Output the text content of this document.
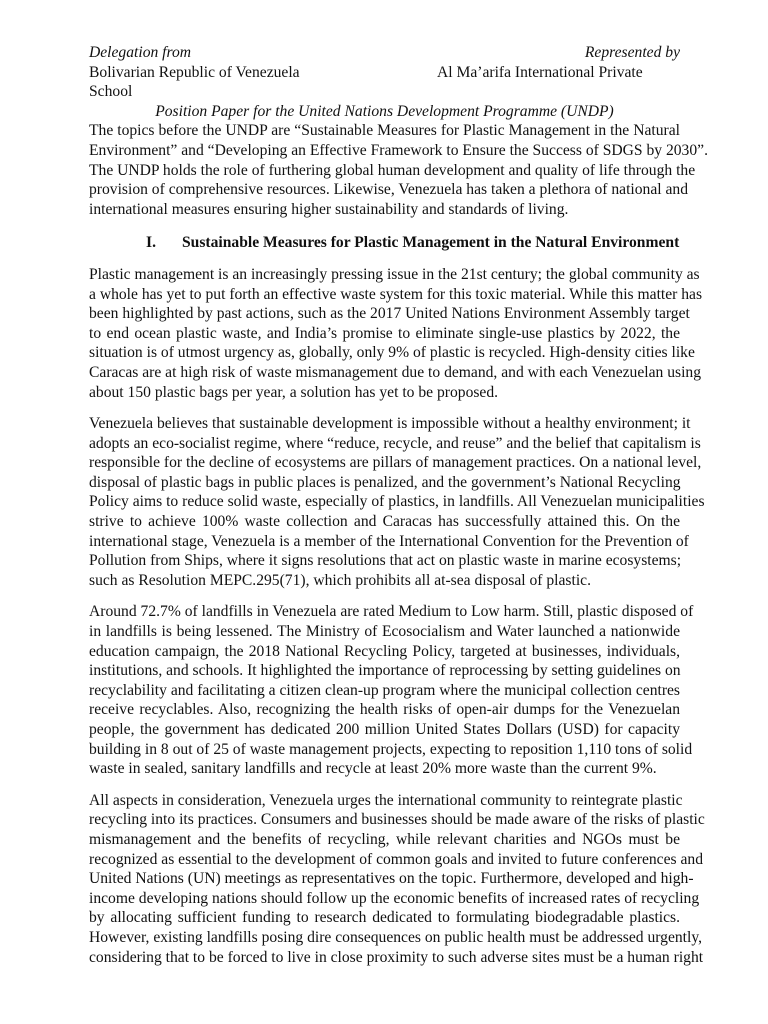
Delegation from	Represented by
Bolivarian Republic of Venezuela	Al Ma’arifa International Private
School
Position Paper for the United Nations Development Programme (UNDP)
The topics before the UNDP are “Sustainable Measures for Plastic Management in the Natural
Environment” and “Developing an Effective Framework to Ensure the Success of SDGS by 2030”.
The UNDP holds the role of furthering global human development and quality of life through the
provision of comprehensive resources. Likewise, Venezuela has taken a plethora of national and
international measures ensuring higher sustainability and standards of living.
I. Sustainable Measures for Plastic Management in the Natural Environment
Plastic management is an increasingly pressing issue in the 21st century; the global community as
a whole has yet to put forth an effective waste system for this toxic material. While this matter has
been highlighted by past actions, such as the 2017 United Nations Environment Assembly target
to end ocean plastic waste, and India’s promise to eliminate single-use plastics by 2022, the
situation is of utmost urgency as, globally, only 9% of plastic is recycled. High-density cities like
Caracas are at high risk of waste mismanagement due to demand, and with each Venezuelan using
about 150 plastic bags per year, a solution has yet to be proposed.
Venezuela believes that sustainable development is impossible without a healthy environment; it
adopts an eco-socialist regime, where “reduce, recycle, and reuse” and the belief that capitalism is
responsible for the decline of ecosystems are pillars of management practices. On a national level,
disposal of plastic bags in public places is penalized, and the government’s National Recycling
Policy aims to reduce solid waste, especially of plastics, in landfills. All Venezuelan municipalities
strive to achieve 100% waste collection and Caracas has successfully attained this. On the
international stage, Venezuela is a member of the International Convention for the Prevention of
Pollution from Ships, where it signs resolutions that act on plastic waste in marine ecosystems;
such as Resolution MEPC.295(71), which prohibits all at-sea disposal of plastic.
Around 72.7% of landfills in Venezuela are rated Medium to Low harm. Still, plastic disposed of
in landfills is being lessened. The Ministry of Ecosocialism and Water launched a nationwide
education campaign, the 2018 National Recycling Policy, targeted at businesses, individuals,
institutions, and schools. It highlighted the importance of reprocessing by setting guidelines on
recyclability and facilitating a citizen clean-up program where the municipal collection centres
receive recyclables. Also, recognizing the health risks of open-air dumps for the Venezuelan
people, the government has dedicated 200 million United States Dollars (USD) for capacity
building in 8 out of 25 of waste management projects, expecting to reposition 1,110 tons of solid
waste in sealed, sanitary landfills and recycle at least 20% more waste than the current 9%.
All aspects in consideration, Venezuela urges the international community to reintegrate plastic
recycling into its practices. Consumers and businesses should be made aware of the risks of plastic
mismanagement and the benefits of recycling, while relevant charities and NGOs must be
recognized as essential to the development of common goals and invited to future conferences and
United Nations (UN) meetings as representatives on the topic. Furthermore, developed and high-
income developing nations should follow up the economic benefits of increased rates of recycling
by allocating sufficient funding to research dedicated to formulating biodegradable plastics.
However, existing landfills posing dire consequences on public health must be addressed urgently,
considering that to be forced to live in close proximity to such adverse sites must be a human right
